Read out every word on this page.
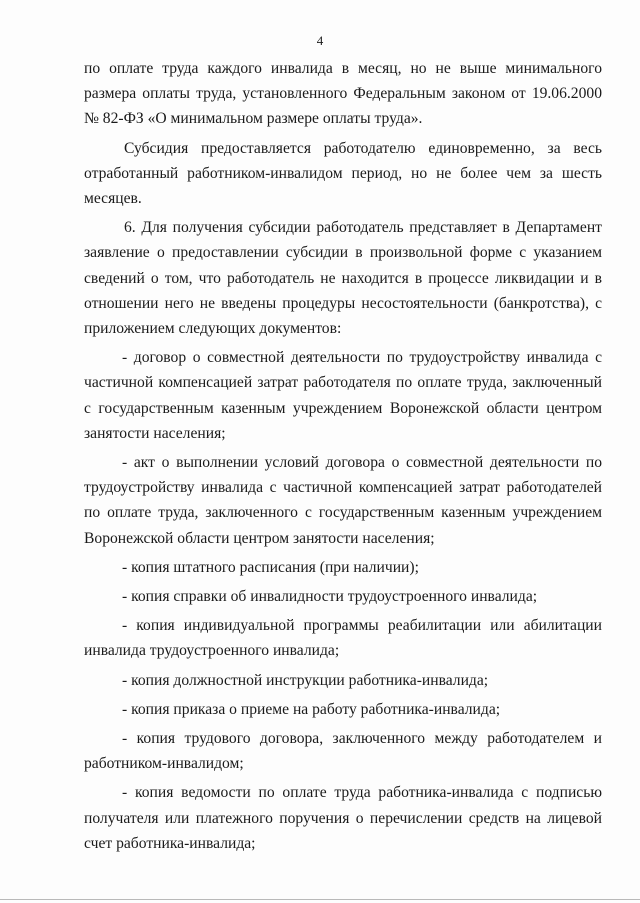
4

по оплате труда каждого инвалида в месяц, но не выше минимального размера оплаты труда, установленного Федеральным законом от 19.06.2000 № 82-ФЗ «О минимальном размере оплаты труда».

Субсидия предоставляется работодателю единовременно, за весь отработанный работником-инвалидом период, но не более чем за шесть месяцев.

6. Для получения субсидии работодатель представляет в Департамент заявление о предоставлении субсидии в произвольной форме с указанием сведений о том, что работодатель не находится в процессе ликвидации и в отношении него не введены процедуры несостоятельности (банкротства), с приложением следующих документов:

- договор о совместной деятельности по трудоустройству инвалида с частичной компенсацией затрат работодателя по оплате труда, заключенный с государственным казенным учреждением Воронежской области центром занятости населения;

- акт о выполнении условий договора о совместной деятельности по трудоустройству инвалида с частичной компенсацией затрат работодателей по оплате труда, заключенного с государственным казенным учреждением Воронежской области центром занятости населения;

- копия штатного расписания (при наличии);

- копия справки об инвалидности трудоустроенного инвалида;

- копия индивидуальной программы реабилитации или абилитации инвалида трудоустроенного инвалида;

- копия должностной инструкции работника-инвалида;

- копия приказа о приеме на работу работника-инвалида;

- копия трудового договора, заключенного между работодателем и работником-инвалидом;

- копия ведомости по оплате труда работника-инвалида с подписью получателя или платежного поручения о перечислении средств на лицевой счет работника-инвалида;
